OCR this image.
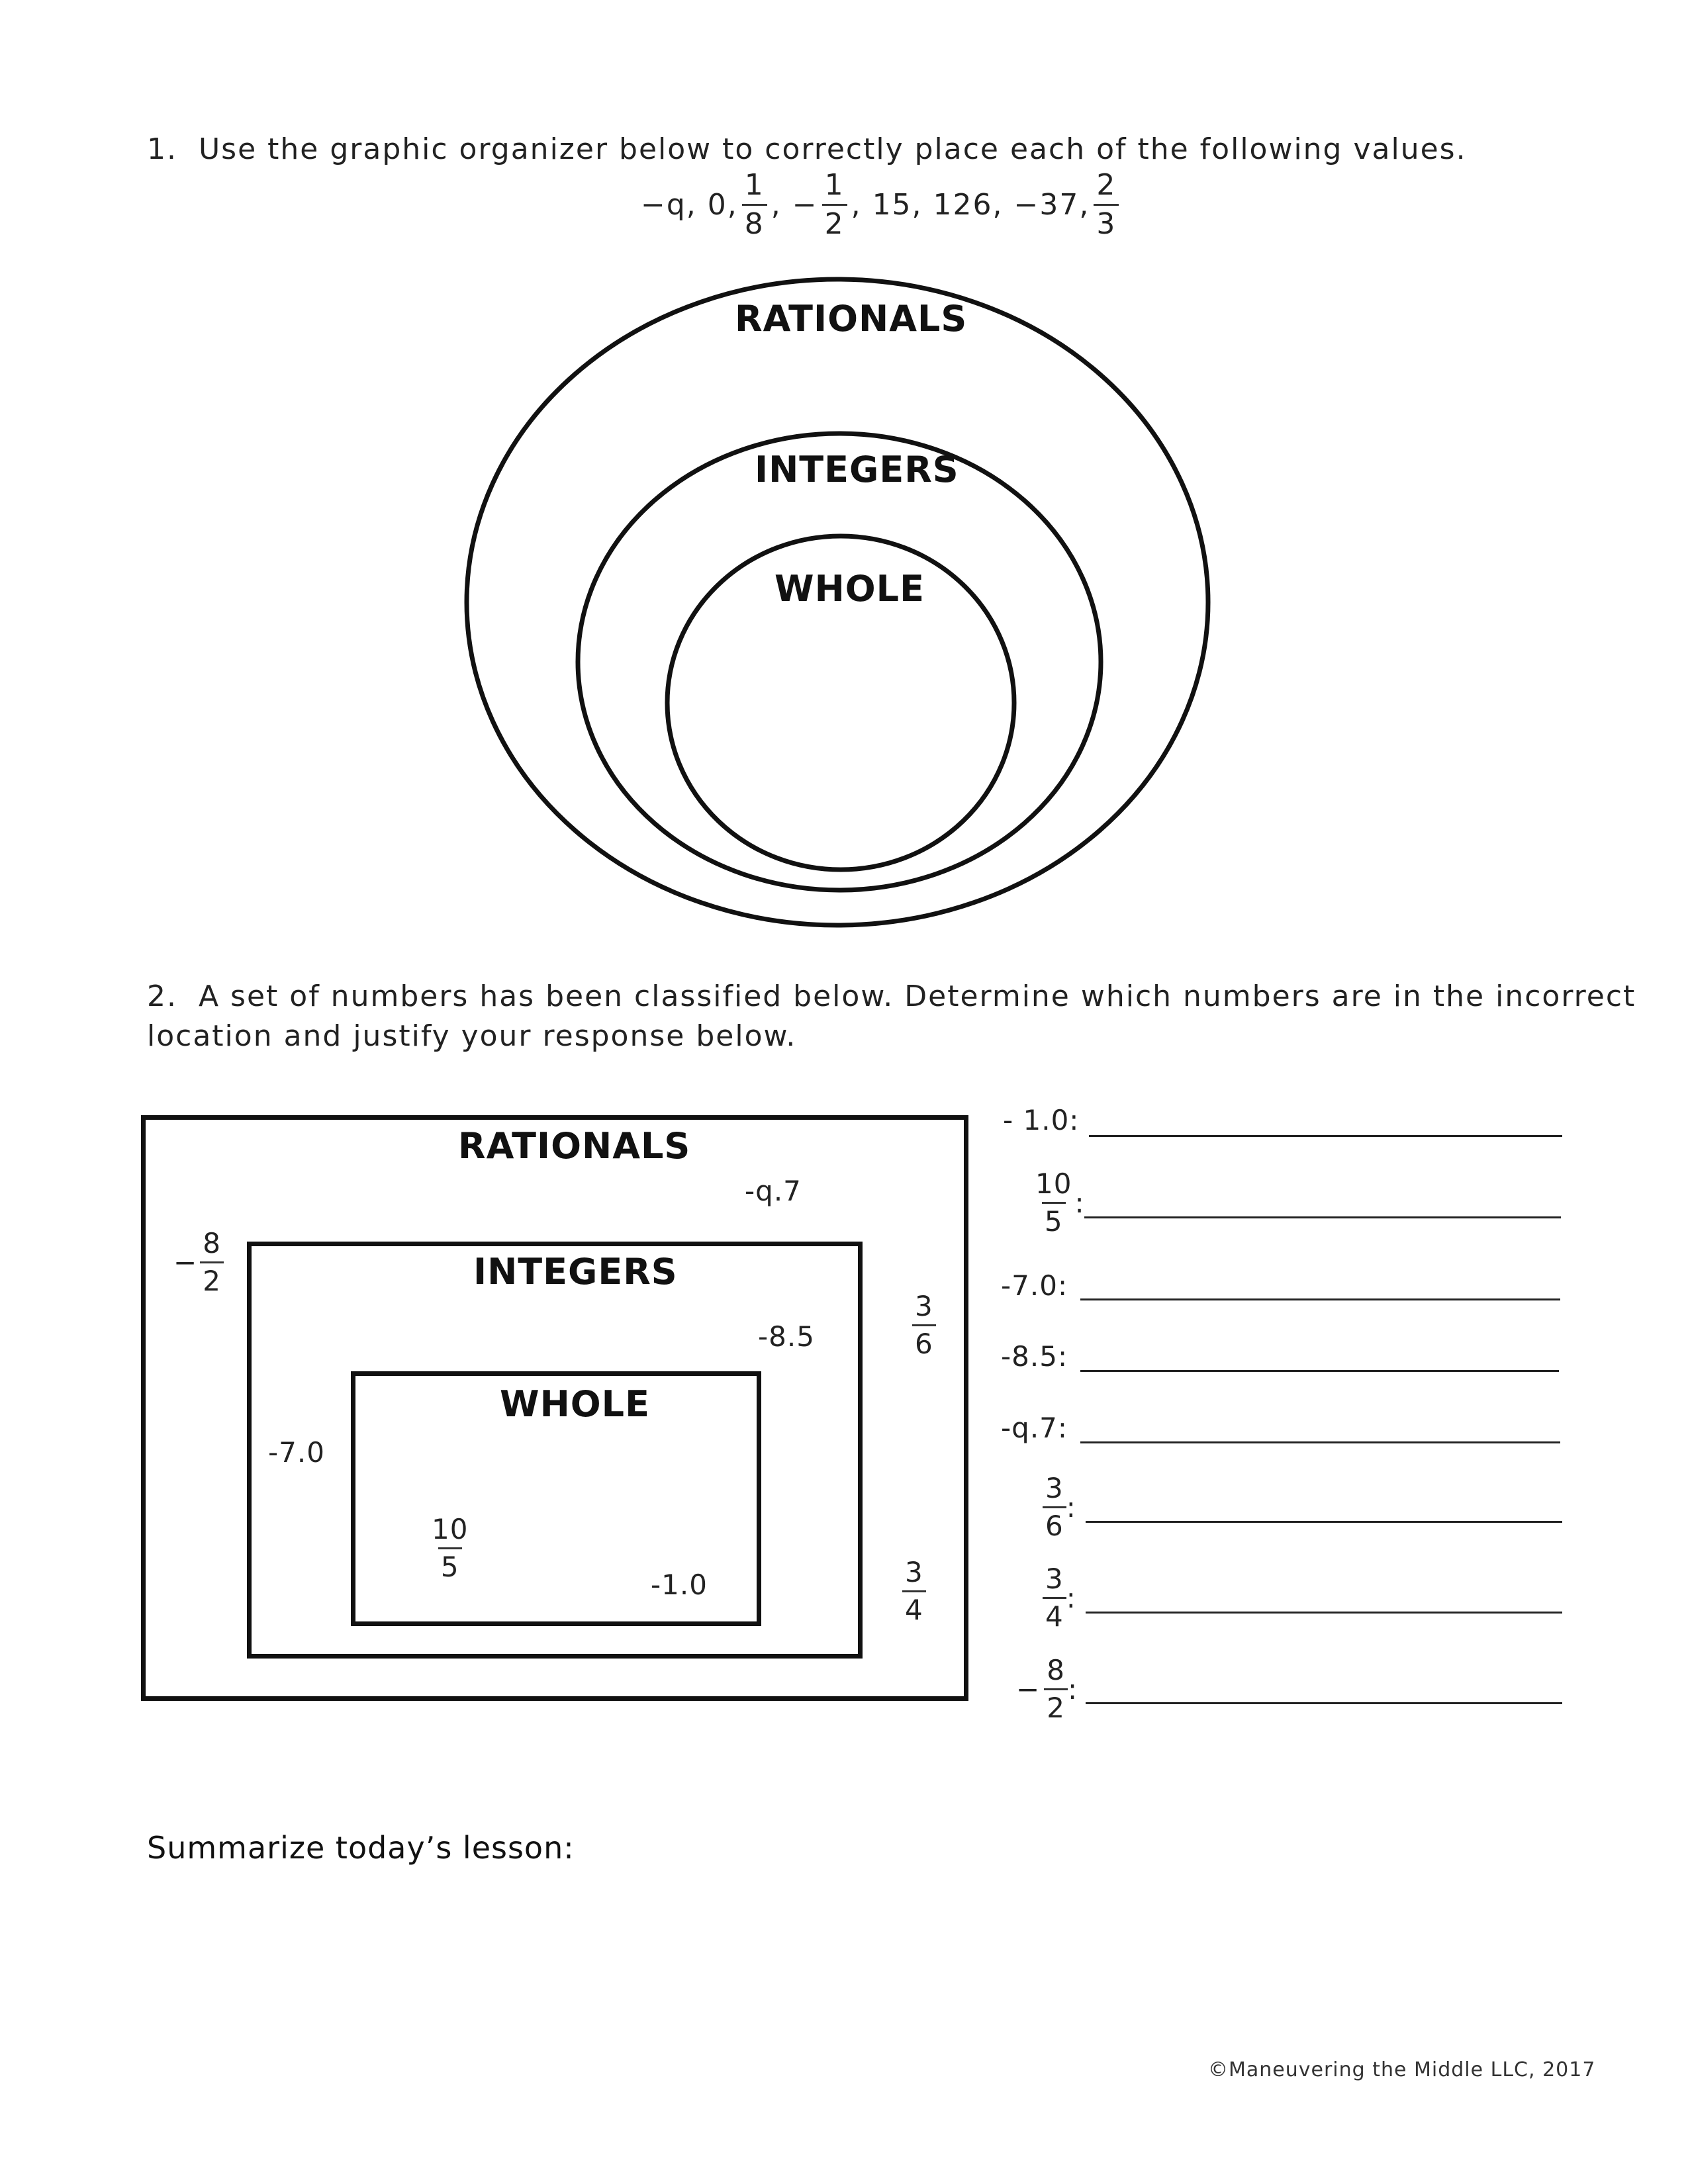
1. Use the graphic organizer below to correctly place each of the following values.
−q, 0, $\frac{1}{8}$ , − $\frac{1}{2}$ , 15, 126, −37, $\frac{2}{3}$
RATIONALS
INTEGERS
WHOLE
2. A set of numbers has been classified below. Determine which numbers are in the incorrect
location and justify your response below.
RATIONALS
INTEGERS
WHOLE
-q.7
-8.5
-7.0
-1.0
− $\frac{8}{2}$
$\frac{3}{6}$
$\frac{3}{4}$
$\frac{10}{5}$
- 1.0:
$\frac{10}{5}$ :
-7.0:
-8.5:
-q.7:
$\frac{3}{6}$ :
$\frac{3}{4}$ :
− $\frac{8}{2}$ :
Summarize today’s lesson:
©Maneuvering the Middle LLC, 2017
